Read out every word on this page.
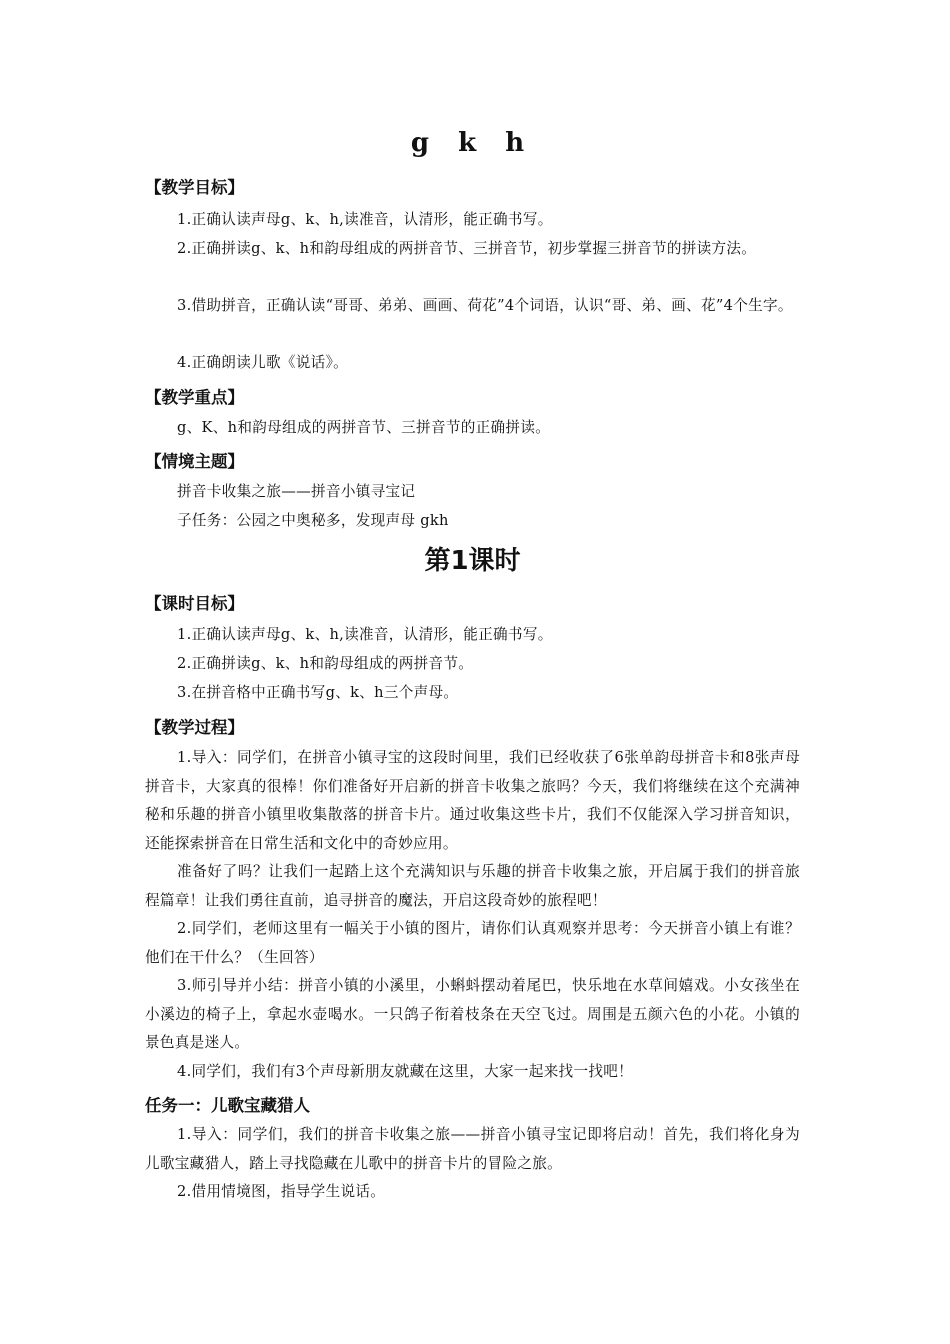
g k h
【教学目标】
1.正确认读声母g、k、h,读准音，认清形，能正确书写。
2.正确拼读g、k、h和韵母组成的两拼音节、三拼音节，初步掌握三拼音节的拼读方法。
3.借助拼音，正确认读“哥哥、弟弟、画画、荷花”4个词语，认识“哥、弟、画、花”4个生字。
4.正确朗读儿歌《说话》。
【教学重点】
g、K、h和韵母组成的两拼音节、三拼音节的正确拼读。
【情境主题】
拼音卡收集之旅——拼音小镇寻宝记
子任务：公园之中奥秘多，发现声母 gkh
第1课时
【课时目标】
1.正确认读声母g、k、h,读准音，认清形，能正确书写。
2.正确拼读g、k、h和韵母组成的两拼音节。
3.在拼音格中正确书写g、k、h三个声母。
【教学过程】
1.导入：同学们，在拼音小镇寻宝的这段时间里，我们已经收获了6张单韵母拼音卡和8张声母拼音卡，大家真的很棒！你们准备好开启新的拼音卡收集之旅吗？今天，我们将继续在这个充满神秘和乐趣的拼音小镇里收集散落的拼音卡片。通过收集这些卡片，我们不仅能深入学习拼音知识，还能探索拼音在日常生活和文化中的奇妙应用。
准备好了吗？让我们一起踏上这个充满知识与乐趣的拼音卡收集之旅，开启属于我们的拼音旅程篇章！让我们勇往直前，追寻拼音的魔法，开启这段奇妙的旅程吧！
2.同学们，老师这里有一幅关于小镇的图片，请你们认真观察并思考：今天拼音小镇上有谁？他们在干什么？（生回答）
3.师引导并小结：拼音小镇的小溪里，小蝌蚪摆动着尾巴，快乐地在水草间嬉戏。小女孩坐在小溪边的椅子上，拿起水壶喝水。一只鸽子衔着枝条在天空飞过。周围是五颜六色的小花。小镇的景色真是迷人。
4.同学们，我们有3个声母新朋友就藏在这里，大家一起来找一找吧！
任务一：儿歌宝藏猎人
1.导入：同学们，我们的拼音卡收集之旅——拼音小镇寻宝记即将启动！首先，我们将化身为儿歌宝藏猎人，踏上寻找隐藏在儿歌中的拼音卡片的冒险之旅。
2.借用情境图，指导学生说话。
